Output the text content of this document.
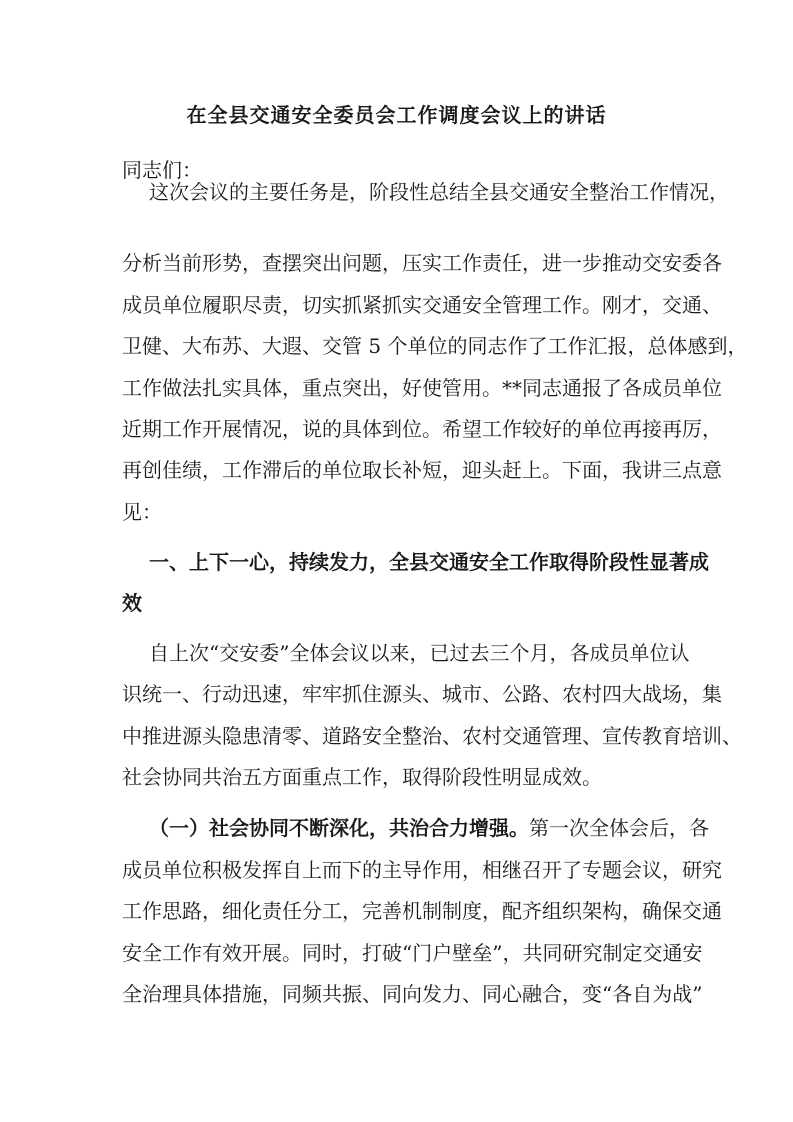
在全县交通安全委员会工作调度会议上的讲话
同志们：
这次会议的主要任务是，阶段性总结全县交通安全整治工作情况，
分析当前形势，查摆突出问题，压实工作责任，进一步推动交安委各
成员单位履职尽责，切实抓紧抓实交通安全管理工作。刚才，交通、
卫健、大布苏、大遐、交管 5 个单位的同志作了工作汇报，总体感到，
工作做法扎实具体，重点突出，好使管用。**同志通报了各成员单位
近期工作开展情况，说的具体到位。希望工作较好的单位再接再厉，
再创佳绩，工作滞后的单位取长补短，迎头赶上。下面，我讲三点意
见：
一、上下一心，持续发力，全县交通安全工作取得阶段性显著成
效
自上次“交安委”全体会议以来，已过去三个月，各成员单位认
识统一、行动迅速，牢牢抓住源头、城市、公路、农村四大战场，集
中推进源头隐患清零、道路安全整治、农村交通管理、宣传教育培训、
社会协同共治五方面重点工作，取得阶段性明显成效。
（一）社会协同不断深化，共治合力增强。第一次全体会后，各
成员单位积极发挥自上而下的主导作用，相继召开了专题会议，研究
工作思路，细化责任分工，完善机制制度，配齐组织架构，确保交通
安全工作有效开展。同时，打破“门户壁垒”，共同研究制定交通安
全治理具体措施，同频共振、同向发力、同心融合，变“各自为战”
